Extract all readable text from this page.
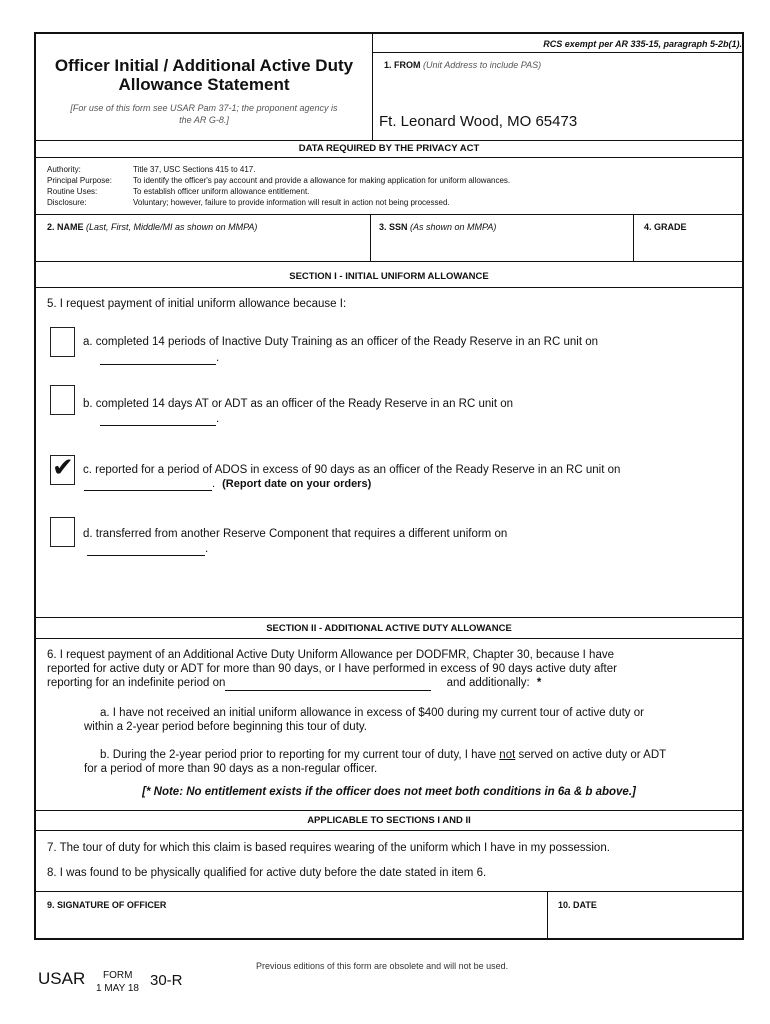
RCS exempt per AR 335-15, paragraph 5-2b(1).
Officer Initial / Additional Active Duty
Allowance Statement
[For use of this form see USAR Pam 37-1; the proponent agency is
the AR G-8.]
1. FROM (Unit Address to include PAS)
Ft. Leonard Wood, MO 65473
DATA REQUIRED BY THE PRIVACY ACT
Authority:	Title 37, USC Sections 415 to 417.
Principal Purpose:	To identify the officer's pay account and provide a allowance for making application for uniform allowances.
Routine Uses:	To establish officer uniform allowance entitlement.
Disclosure:	Voluntary; however, failure to provide information will result in action not being processed.
2. NAME (Last, First, Middle/MI as shown on MMPA)	3. SSN (As shown on MMPA)	4. GRADE
SECTION I - INITIAL UNIFORM ALLOWANCE
5. I request payment of initial uniform allowance because I:
a. completed 14 periods of Inactive Duty Training as an officer of the Ready Reserve in an RC unit on
.
b. completed 14 days AT or ADT as an officer of the Ready Reserve in an RC unit on
.
✔ c. reported for a period of ADOS in excess of 90 days as an officer of the Ready Reserve in an RC unit on
. (Report date on your orders)
d. transferred from another Reserve Component that requires a different uniform on
.
SECTION II - ADDITIONAL ACTIVE DUTY ALLOWANCE
6. I request payment of an Additional Active Duty Uniform Allowance per DODFMR, Chapter 30, because I have
reported for active duty or ADT for more than 90 days, or I have performed in excess of 90 days active duty after
reporting for an indefinite period on	and additionally: *
a. I have not received an initial uniform allowance in excess of $400 during my current tour of active duty or
within a 2-year period before beginning this tour of duty.
b. During the 2-year period prior to reporting for my current tour of duty, I have not served on active duty or ADT
for a period of more than 90 days as a non-regular officer.
[* Note: No entitlement exists if the officer does not meet both conditions in 6a & b above.]
APPLICABLE TO SECTIONS I AND II
7. The tour of duty for which this claim is based requires wearing of the uniform which I have in my possession.
8. I was found to be physically qualified for active duty before the date stated in item 6.
9. SIGNATURE OF OFFICER	10. DATE
USAR FORM
1 MAY 18 30-R
Previous editions of this form are obsolete and will not be used.
